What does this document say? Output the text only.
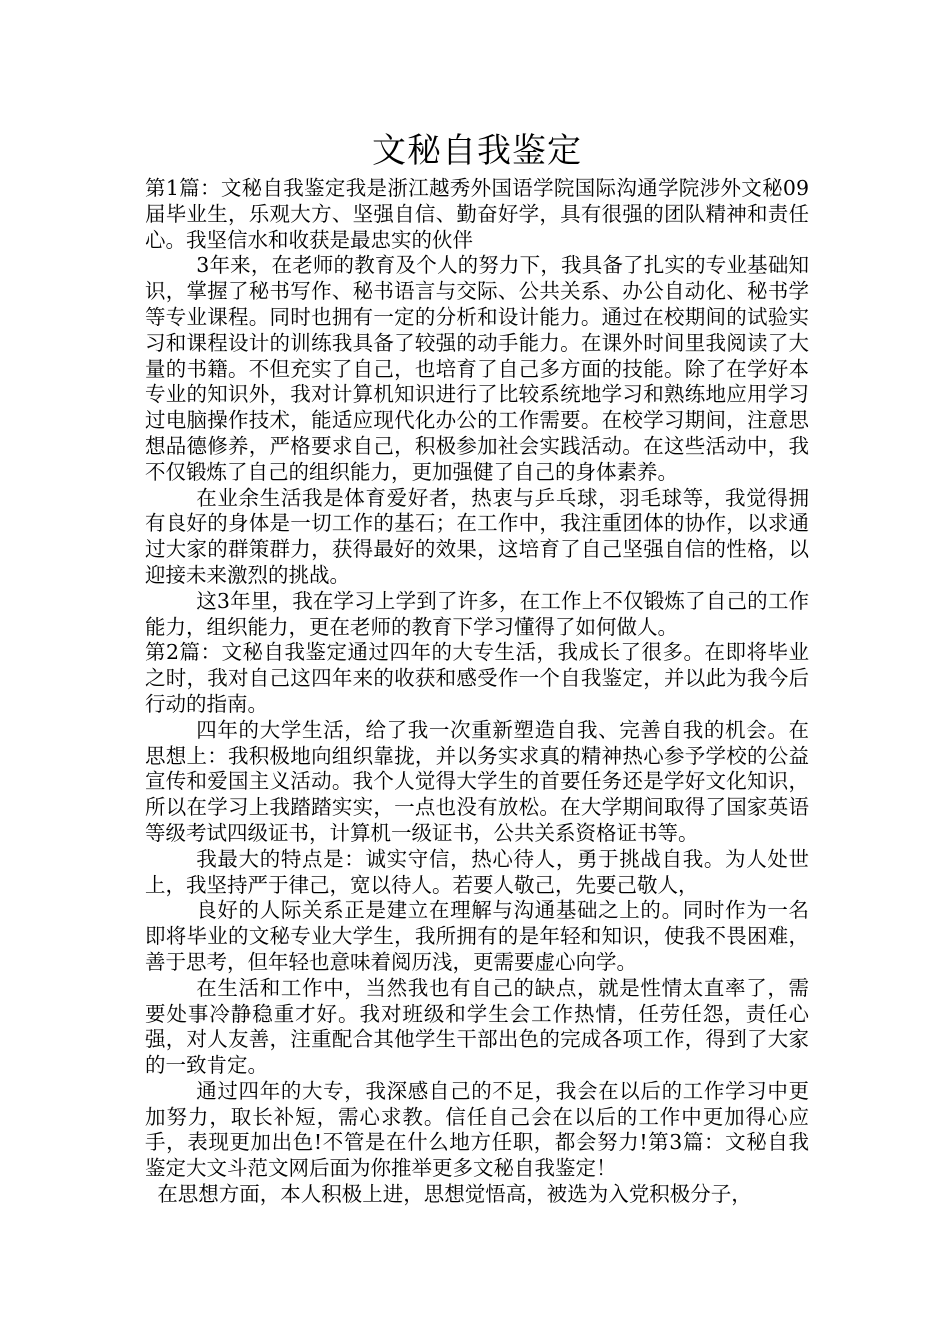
文秘自我鉴定

第1篇：文秘自我鉴定我是浙江越秀外国语学院国际沟通学院涉外文秘09届毕业生，乐观大方、坚强自信、勤奋好学，具有很强的团队精神和责任心。我坚信水和收获是最忠实的伙伴

3年来，在老师的教育及个人的努力下，我具备了扎实的专业基础知识，掌握了秘书写作、秘书语言与交际、公共关系、办公自动化、秘书学等专业课程。同时也拥有一定的分析和设计能力。通过在校期间的试验实习和课程设计的训练我具备了较强的动手能力。在课外时间里我阅读了大量的书籍。不但充实了自己，也培育了自己多方面的技能。除了在学好本专业的知识外，我对计算机知识进行了比较系统地学习和熟练地应用学习过电脑操作技术，能适应现代化办公的工作需要。在校学习期间，注意思想品德修养，严格要求自己，积极参加社会实践活动。在这些活动中，我不仅锻炼了自己的组织能力，更加强健了自己的身体素养。

在业余生活我是体育爱好者，热衷与乒乓球，羽毛球等，我觉得拥有良好的身体是一切工作的基石；在工作中，我注重团体的协作，以求通过大家的群策群力，获得最好的效果，这培育了自己坚强自信的性格，以迎接未来激烈的挑战。

这3年里，我在学习上学到了许多，在工作上不仅锻炼了自己的工作能力，组织能力，更在老师的教育下学习懂得了如何做人。

第2篇：文秘自我鉴定通过四年的大专生活，我成长了很多。在即将毕业之时，我对自己这四年来的收获和感受作一个自我鉴定，并以此为我今后行动的指南。

四年的大学生活，给了我一次重新塑造自我、完善自我的机会。在思想上：我积极地向组织靠拢，并以务实求真的精神热心参予学校的公益宣传和爱国主义活动。我个人觉得大学生的首要任务还是学好文化知识，所以在学习上我踏踏实实，一点也没有放松。在大学期间取得了国家英语等级考试四级证书，计算机一级证书，公共关系资格证书等。

我最大的特点是：诚实守信，热心待人，勇于挑战自我。为人处世上，我坚持严于律己，宽以待人。若要人敬己，先要己敬人，

良好的人际关系正是建立在理解与沟通基础之上的。同时作为一名即将毕业的文秘专业大学生，我所拥有的是年轻和知识，使我不畏困难，善于思考，但年轻也意味着阅历浅，更需要虚心向学。

在生活和工作中，当然我也有自己的缺点，就是性情太直率了，需要处事冷静稳重才好。我对班级和学生会工作热情，任劳任怨，责任心强，对人友善，注重配合其他学生干部出色的完成各项工作，得到了大家的一致肯定。

通过四年的大专，我深感自己的不足，我会在以后的工作学习中更加努力，取长补短，需心求教。信任自己会在以后的工作中更加得心应手，表现更加出色!不管是在什么地方任职，都会努力!第3篇：文秘自我鉴定大文斗范文网后面为你推举更多文秘自我鉴定！

在思想方面，本人积极上进，思想觉悟高，被选为入党积极分子，
